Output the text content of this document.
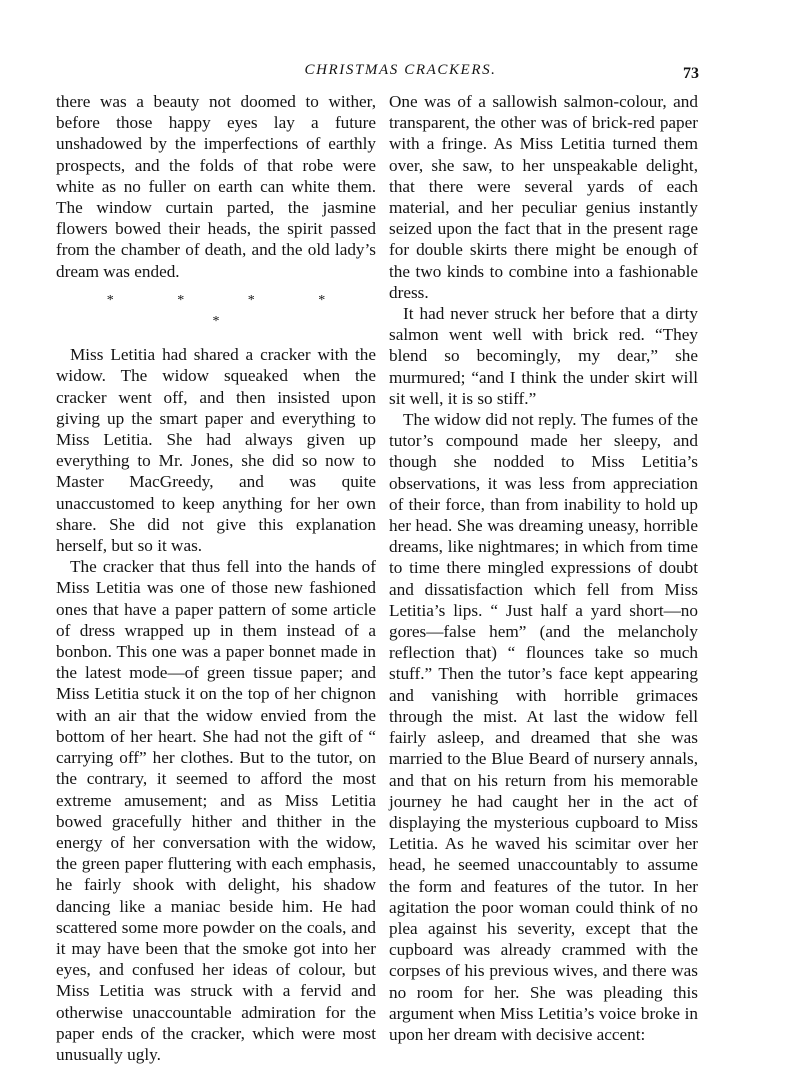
CHRISTMAS CRACKERS.	73

there was a beauty not doomed to wither, before those happy eyes lay a future unshadowed by the imperfections of earthly prospects, and the folds of that robe were white as no fuller on earth can white them. The window curtain parted, the jasmine flowers bowed their heads, the spirit passed from the chamber of death, and the old lady’s dream was ended.

* * * * *

Miss Letitia had shared a cracker with the widow. The widow squeaked when the cracker went off, and then insisted upon giving up the smart paper and everything to Miss Letitia. She had always given up everything to Mr. Jones, she did so now to Master MacGreedy, and was quite unaccustomed to keep anything for her own share. She did not give this explanation herself, but so it was.

The cracker that thus fell into the hands of Miss Letitia was one of those new fashioned ones that have a paper pattern of some article of dress wrapped up in them instead of a bonbon. This one was a paper bonnet made in the latest mode—of green tissue paper; and Miss Letitia stuck it on the top of her chignon with an air that the widow envied from the bottom of her heart. She had not the gift of “ carrying off” her clothes. But to the tutor, on the contrary, it seemed to afford the most extreme amusement; and as Miss Letitia bowed gracefully hither and thither in the energy of her conversation with the widow, the green paper fluttering with each emphasis, he fairly shook with delight, his shadow dancing like a maniac beside him. He had scattered some more powder on the coals, and it may have been that the smoke got into her eyes, and confused her ideas of colour, but Miss Letitia was struck with a fervid and otherwise unaccountable admiration for the paper ends of the cracker, which were most unusually ugly.

One was of a sallowish salmon-colour, and transparent, the other was of brick-red paper with a fringe. As Miss Letitia turned them over, she saw, to her unspeakable delight, that there were several yards of each material, and her peculiar genius instantly seized upon the fact that in the present rage for double skirts there might be enough of the two kinds to combine into a fashionable dress.

It had never struck her before that a dirty salmon went well with brick red. “They blend so becomingly, my dear,” she murmured; “and I think the under skirt will sit well, it is so stiff.”

The widow did not reply. The fumes of the tutor’s compound made her sleepy, and though she nodded to Miss Letitia’s observations, it was less from appreciation of their force, than from inability to hold up her head. She was dreaming uneasy, horrible dreams, like nightmares; in which from time to time there mingled expressions of doubt and dissatisfaction which fell from Miss Letitia’s lips. “ Just half a yard short—no gores—false hem” (and the melancholy reflection that) “ flounces take so much stuff.” Then the tutor’s face kept appearing and vanishing with horrible grimaces through the mist. At last the widow fell fairly asleep, and dreamed that she was married to the Blue Beard of nursery annals, and that on his return from his memorable journey he had caught her in the act of displaying the mysterious cupboard to Miss Letitia. As he waved his scimitar over her head, he seemed unaccountably to assume the form and features of the tutor. In her agitation the poor woman could think of no plea against his severity, except that the cupboard was already crammed with the corpses of his previous wives, and there was no room for her. She was pleading this argument when Miss Letitia’s voice broke in upon her dream with decisive accent:
